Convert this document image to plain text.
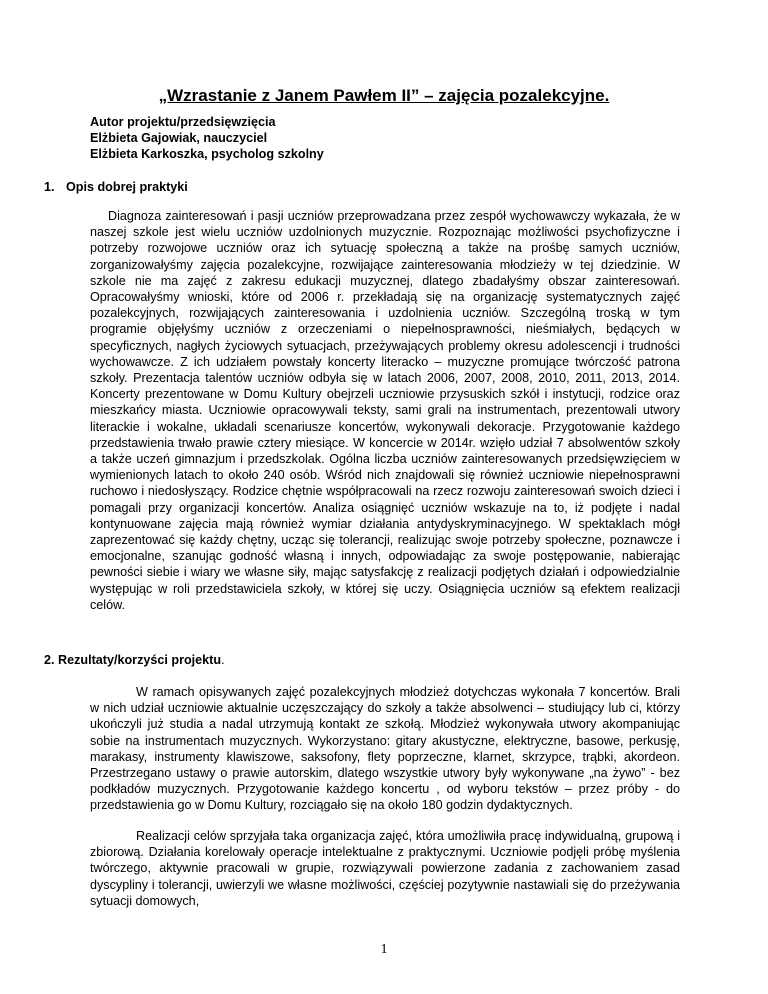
„Wzrastanie z Janem Pawłem II” – zajęcia pozalekcyjne.
Autor projektu/przedsięwzięcia
Elżbieta Gajowiak, nauczyciel
Elżbieta Karkoszka, psycholog szkolny
1. Opis dobrej praktyki

Diagnoza zainteresowań i pasji uczniów przeprowadzana przez zespół wychowawczy wykazała, że w naszej szkole jest wielu uczniów uzdolnionych muzycznie. Rozpoznając możliwości psychofizyczne i potrzeby rozwojowe uczniów oraz ich sytuację społeczną a także na prośbę samych uczniów, zorganizowałyśmy zajęcia pozalekcyjne, rozwijające zainteresowania młodzieży w tej dziedzinie. W szkole nie ma zajęć z zakresu edukacji muzycznej, dlatego zbadałyśmy obszar zainteresowań. Opracowałyśmy wnioski, które od 2006 r. przekładają się na organizację systematycznych zajęć pozalekcyjnych, rozwijających zainteresowania i uzdolnienia uczniów. Szczególną troską w tym programie objęłyśmy uczniów z orzeczeniami o niepełnosprawności, nieśmiałych, będących w specyficznych, nagłych życiowych sytuacjach, przeżywających problemy okresu adolescencji i trudności wychowawcze. Z ich udziałem powstały koncerty literacko – muzyczne promujące twórczość patrona szkoły. Prezentacja talentów uczniów odbyła się w latach 2006, 2007, 2008, 2010, 2011, 2013, 2014. Koncerty prezentowane w Domu Kultury obejrzeli uczniowie przysuskich szkół i instytucji, rodzice oraz mieszkańcy miasta. Uczniowie opracowywali teksty, sami grali na instrumentach, prezentowali utwory literackie i wokalne, układali scenariusze koncertów, wykonywali dekoracje. Przygotowanie każdego przedstawienia trwało prawie cztery miesiące. W koncercie w 2014r. wzięło udział 7 absolwentów szkoły a także uczeń gimnazjum i przedszkolak. Ogólna liczba uczniów zainteresowanych przedsięwzięciem w wymienionych latach to około 240 osób. Wśród nich znajdowali się również uczniowie niepełnosprawni ruchowo i niedosłyszący. Rodzice chętnie współpracowali na rzecz rozwoju zainteresowań swoich dzieci i pomagali przy organizacji koncertów. Analiza osiągnięć uczniów wskazuje na to, iż podjęte i nadal kontynuowane zajęcia mają również wymiar działania antydyskryminacyjnego. W spektaklach mógł zaprezentować się każdy chętny, ucząc się tolerancji, realizując swoje potrzeby społeczne, poznawcze i emocjonalne, szanując godność własną i innych, odpowiadając za swoje postępowanie, nabierając pewności siebie i wiary we własne siły, mając satysfakcję z realizacji podjętych działań i odpowiedzialnie występując w roli przedstawiciela szkoły, w której się uczy. Osiągnięcia uczniów są efektem realizacji celów.

2. Rezultaty/korzyści projektu.

W ramach opisywanych zajęć pozalekcyjnych młodzież dotychczas wykonała 7 koncertów. Brali w nich udział uczniowie aktualnie uczęszczający do szkoły a także absolwenci – studiujący lub ci, którzy ukończyli już studia a nadal utrzymują kontakt ze szkołą. Młodzież wykonywała utwory akompaniując sobie na instrumentach muzycznych. Wykorzystano: gitary akustyczne, elektryczne, basowe, perkusję, marakasy, instrumenty klawiszowe, saksofony, flety poprzeczne, klarnet, skrzypce, trąbki, akordeon. Przestrzegano ustawy o prawie autorskim, dlatego wszystkie utwory były wykonywane „na żywo” - bez podkładów muzycznych. Przygotowanie każdego koncertu , od wyboru tekstów – przez próby - do przedstawienia go w Domu Kultury, rozciągało się na około 180 godzin dydaktycznych.

Realizacji celów sprzyjała taka organizacja zajęć, która umożliwiła pracę indywidualną, grupową i zbiorową. Działania korelowały operacje intelektualne z praktycznymi. Uczniowie podjęli próbę myślenia twórczego, aktywnie pracowali w grupie, rozwiązywali powierzone zadania z zachowaniem zasad dyscypliny i tolerancji, uwierzyli we własne możliwości, częściej pozytywnie nastawiali się do przeżywania sytuacji domowych,

1
